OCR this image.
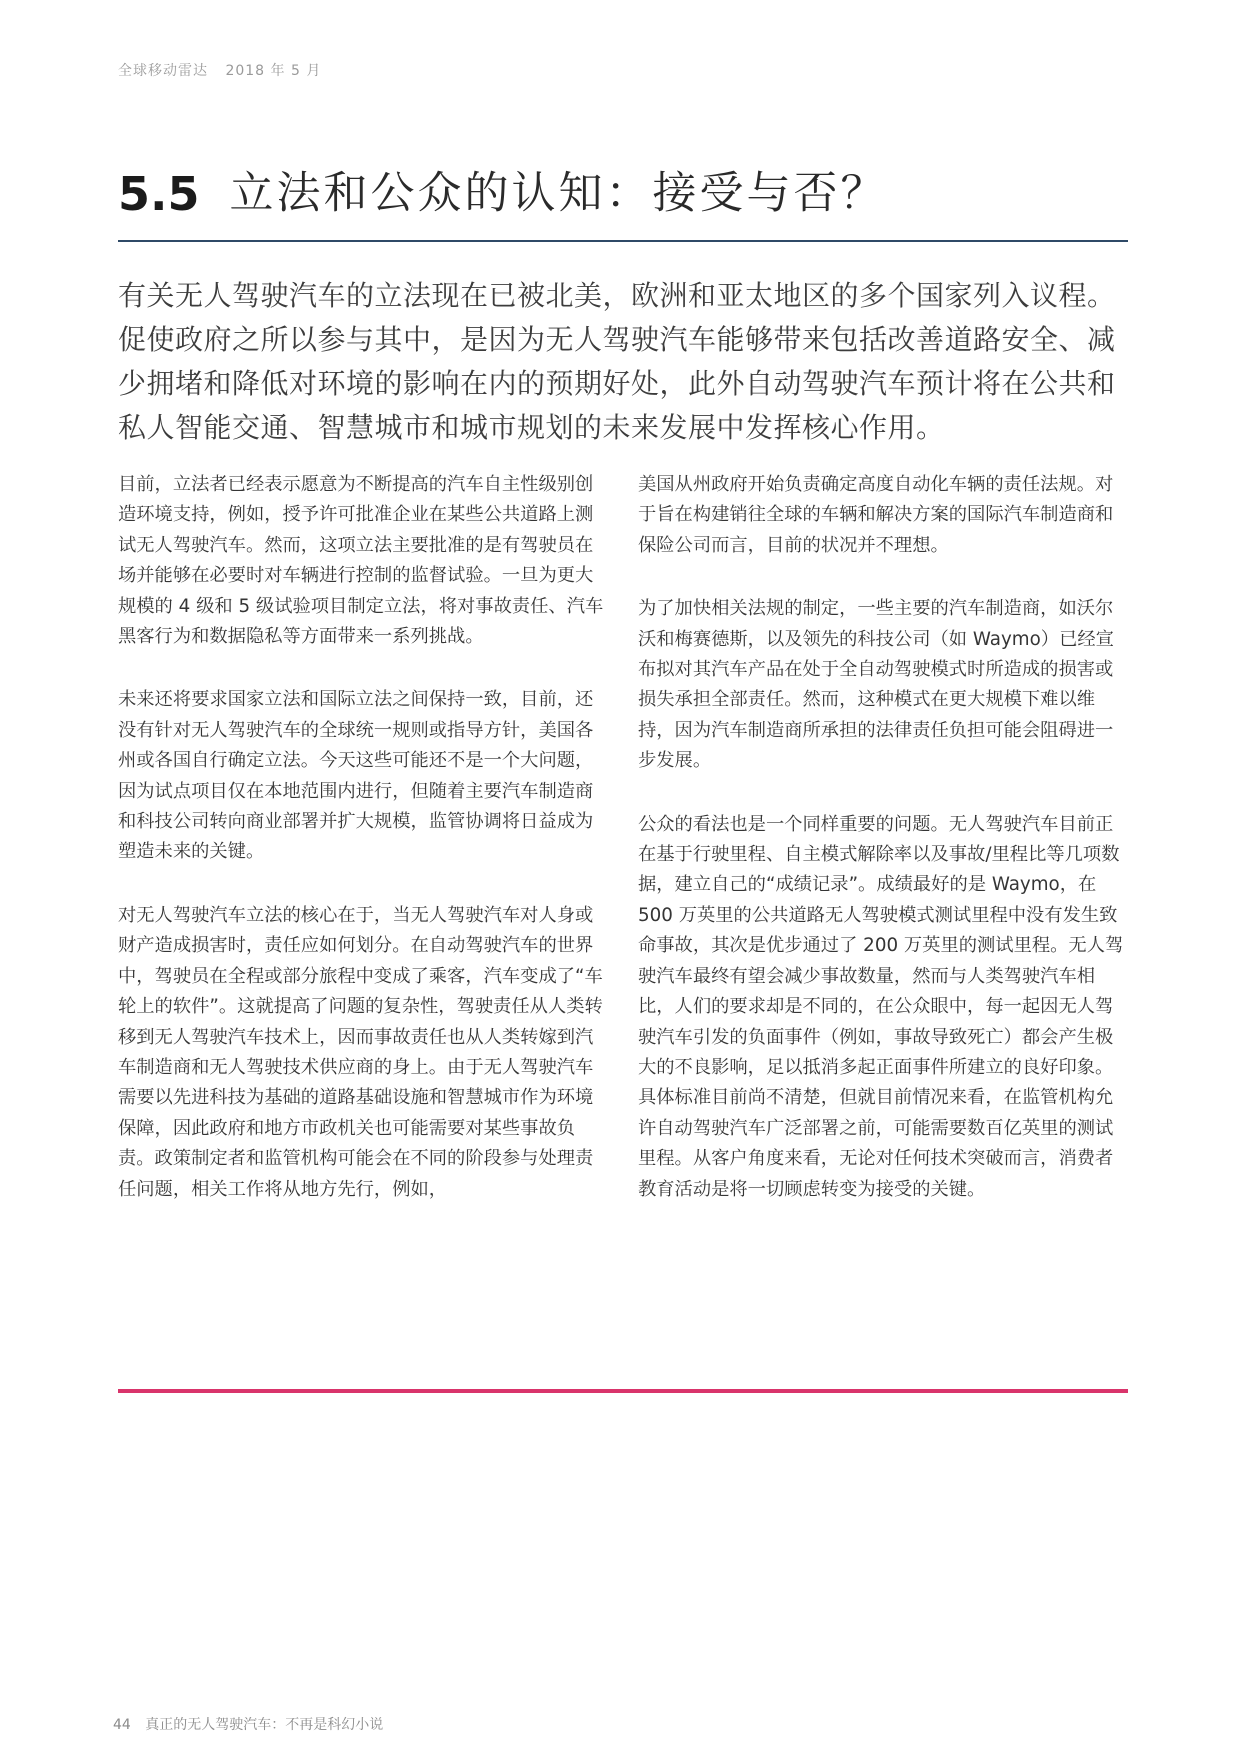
全球移动雷达 2018 年 5 月
5.5 立法和公众的认知：接受与否？

有关无人驾驶汽车的立法现在已被北美，欧洲和亚太地区的多个国家列入议程。促使政府之所以参与其中，是因为无人驾驶汽车能够带来包括改善道路安全、减少拥堵和降低对环境的影响在内的预期好处，此外自动驾驶汽车预计将在公共和私人智能交通、智慧城市和城市规划的未来发展中发挥核心作用。

目前，立法者已经表示愿意为不断提高的汽车自主性级别创造环境支持，例如，授予许可批准企业在某些公共道路上测试无人驾驶汽车。然而，这项立法主要批准的是有驾驶员在场并能够在必要时对车辆进行控制的监督试验。一旦为更大规模的 4 级和 5 级试验项目制定立法，将对事故责任、汽车黑客行为和数据隐私等方面带来一系列挑战。

未来还将要求国家立法和国际立法之间保持一致，目前，还没有针对无人驾驶汽车的全球统一规则或指导方针，美国各州或各国自行确定立法。今天这些可能还不是一个大问题，因为试点项目仅在本地范围内进行，但随着主要汽车制造商和科技公司转向商业部署并扩大规模，监管协调将日益成为塑造未来的关键。

对无人驾驶汽车立法的核心在于，当无人驾驶汽车对人身或财产造成损害时，责任应如何划分。在自动驾驶汽车的世界中，驾驶员在全程或部分旅程中变成了乘客，汽车变成了“车轮上的软件”。这就提高了问题的复杂性，驾驶责任从人类转移到无人驾驶汽车技术上，因而事故责任也从人类转嫁到汽车制造商和无人驾驶技术供应商的身上。由于无人驾驶汽车需要以先进科技为基础的道路基础设施和智慧城市作为环境保障，因此政府和地方市政机关也可能需要对某些事故负责。政策制定者和监管机构可能会在不同的阶段参与处理责任问题，相关工作将从地方先行，例如，

美国从州政府开始负责确定高度自动化车辆的责任法规。对于旨在构建销往全球的车辆和解决方案的国际汽车制造商和保险公司而言，目前的状况并不理想。

为了加快相关法规的制定，一些主要的汽车制造商，如沃尔沃和梅赛德斯，以及领先的科技公司（如 Waymo）已经宣布拟对其汽车产品在处于全自动驾驶模式时所造成的损害或损失承担全部责任。然而，这种模式在更大规模下难以维持，因为汽车制造商所承担的法律责任负担可能会阻碍进一步发展。

公众的看法也是一个同样重要的问题。无人驾驶汽车目前正在基于行驶里程、自主模式解除率以及事故/里程比等几项数据，建立自己的“成绩记录”。成绩最好的是 Waymo，在 500 万英里的公共道路无人驾驶模式测试里程中没有发生致命事故，其次是优步通过了 200 万英里的测试里程。无人驾驶汽车最终有望会减少事故数量，然而与人类驾驶汽车相比，人们的要求却是不同的，在公众眼中，每一起因无人驾驶汽车引发的负面事件（例如，事故导致死亡）都会产生极大的不良影响，足以抵消多起正面事件所建立的良好印象。具体标准目前尚不清楚，但就目前情况来看，在监管机构允许自动驾驶汽车广泛部署之前，可能需要数百亿英里的测试里程。从客户角度来看，无论对任何技术突破而言，消费者教育活动是将一切顾虑转变为接受的关键。

44 真正的无人驾驶汽车：不再是科幻小说
